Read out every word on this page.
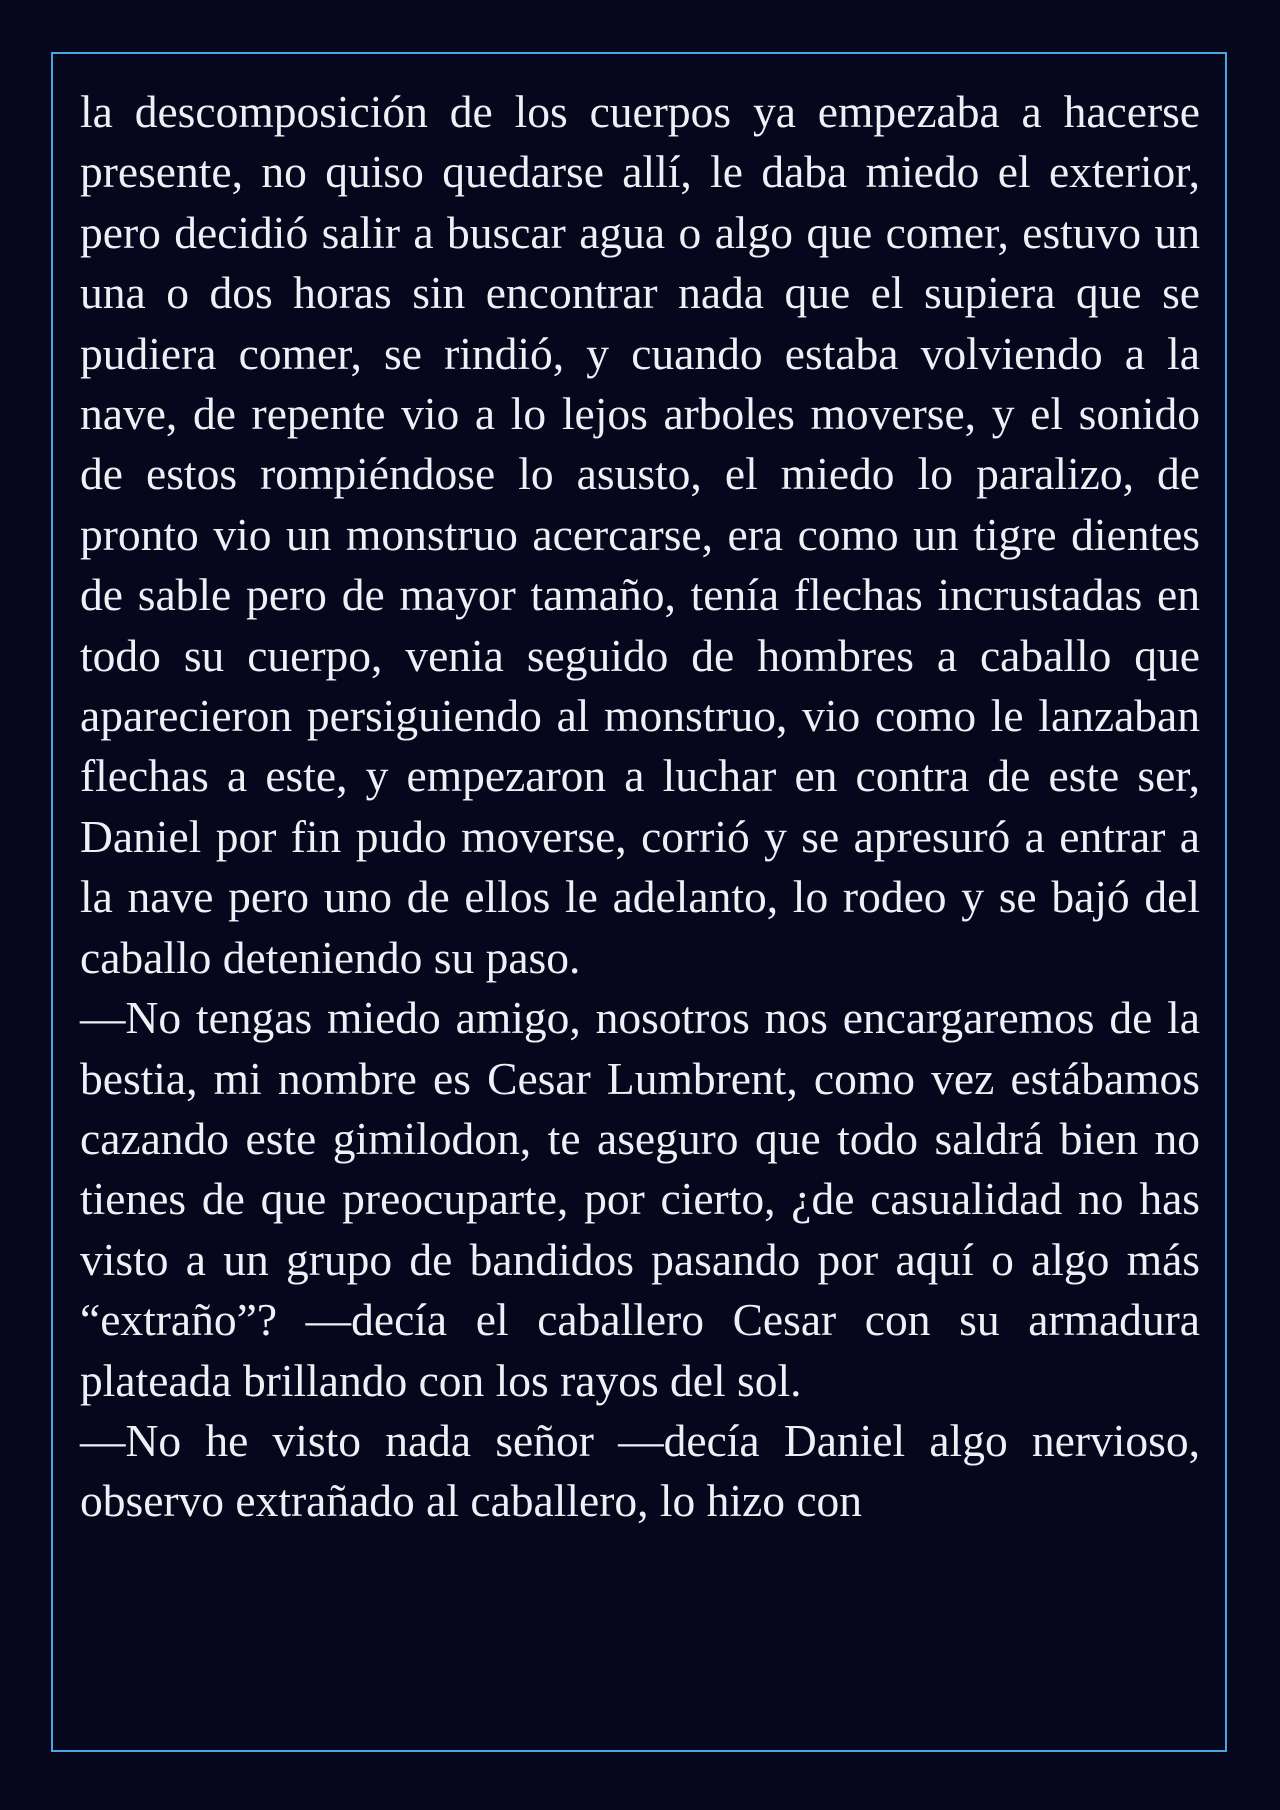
la descomposición de los cuerpos ya empezaba a hacerse presente, no quiso quedarse allí, le daba miedo el exterior, pero decidió salir a buscar agua o algo que comer, estuvo un una o dos horas sin encontrar nada que el supiera que se pudiera comer, se rindió, y cuando estaba volviendo a la nave, de repente vio a lo lejos arboles moverse, y el sonido de estos rompiéndose lo asusto, el miedo lo paralizo, de pronto vio un monstruo acercarse, era como un tigre dientes de sable pero de mayor tamaño, tenía flechas incrustadas en todo su cuerpo, venia seguido de hombres a caballo que aparecieron persiguiendo al monstruo, vio como le lanzaban flechas a este, y empezaron a luchar en contra de este ser, Daniel por fin pudo moverse, corrió y se apresuró a entrar a la nave pero uno de ellos le adelanto, lo rodeo y se bajó del caballo deteniendo su paso.

—No tengas miedo amigo, nosotros nos encargaremos de la bestia, mi nombre es Cesar Lumbrent, como vez estábamos cazando este gimilodon, te aseguro que todo saldrá bien no tienes de que preocuparte, por cierto, ¿de casualidad no has visto a un grupo de bandidos pasando por aquí o algo más “extraño”? —decía el caballero Cesar con su armadura plateada brillando con los rayos del sol.

—No he visto nada señor —decía Daniel algo nervioso, observo extrañado al caballero, lo hizo con
